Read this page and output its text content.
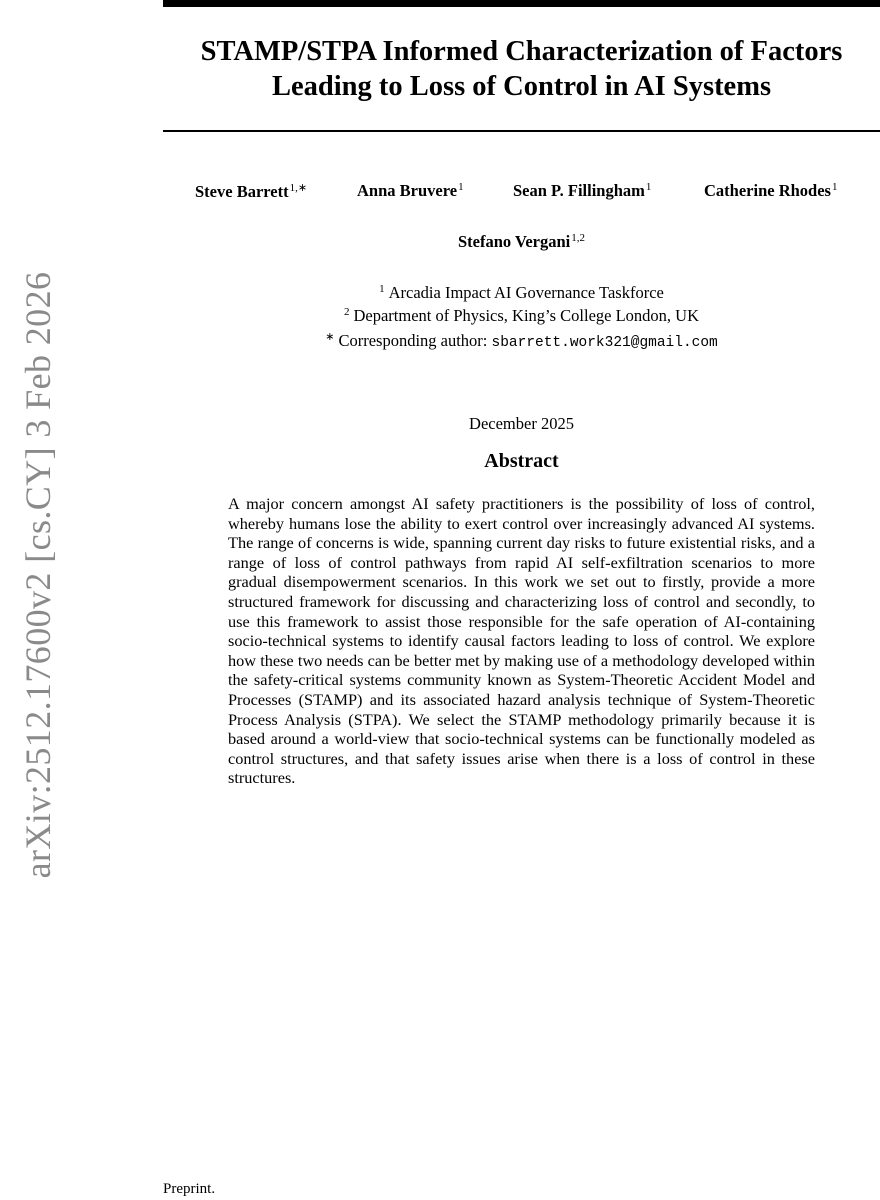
arXiv:2512.17600v2 [cs.CY] 3 Feb 2026
STAMP/STPA Informed Characterization of Factors
Leading to Loss of Control in AI Systems
Steve Barrett$^{1,∗}$	Anna Bruvere$^1$	Sean P. Fillingham$^1$	Catherine Rhodes$^1$
Stefano Vergani$^{1,2}$
$^1$ Arcadia Impact AI Governance Taskforce
$^2$ Department of Physics, King’s College London, UK
∗ Corresponding author: sbarrett.work321@gmail.com
December 2025
Abstract
A major concern amongst AI safety practitioners is the possibility of loss of control, whereby humans lose the ability to exert control over increasingly advanced AI systems. The range of concerns is wide, spanning current day risks to future existential risks, and a range of loss of control pathways from rapid AI self-exfiltration scenarios to more gradual disempowerment scenarios. In this work we set out to firstly, provide a more structured framework for discussing and characterizing loss of control and secondly, to use this framework to assist those responsible for the safe operation of AI-containing socio-technical systems to identify causal factors leading to loss of control. We explore how these two needs can be better met by making use of a methodology developed within the safety-critical systems community known as System-Theoretic Accident Model and Processes (STAMP) and its associated hazard analysis technique of System-Theoretic Process Analysis (STPA). We select the STAMP methodology primarily because it is based around a world-view that socio-technical systems can be functionally modeled as control structures, and that safety issues arise when there is a loss of control in these structures.
Preprint.
